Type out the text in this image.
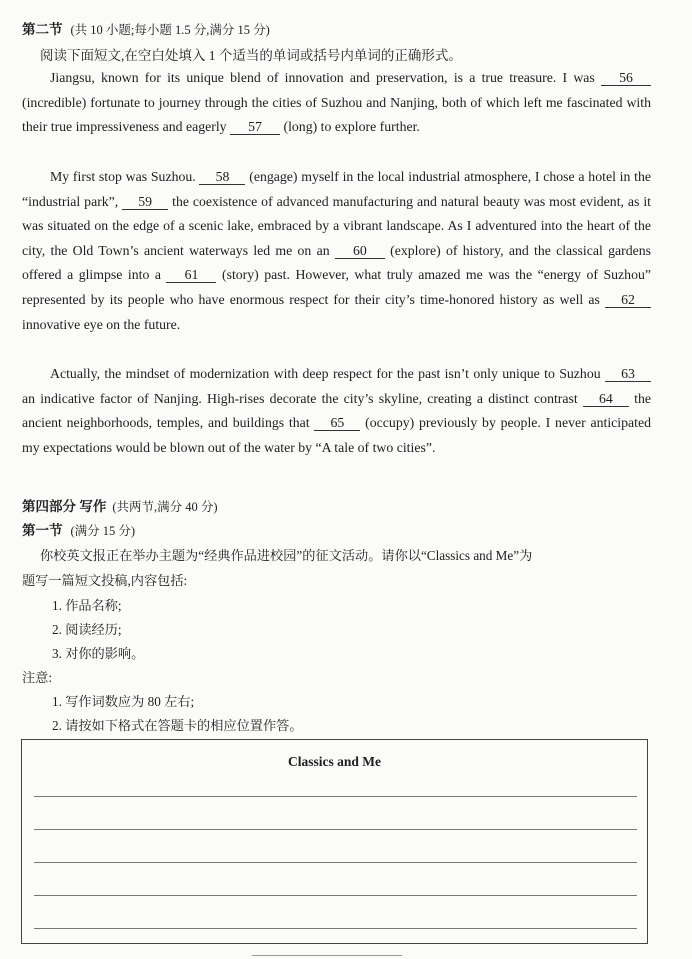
第二节 (共 10 小题;每小题 1.5 分,满分 15 分)
阅读下面短文,在空白处填入 1 个适当的单词或括号内单词的正确形式。

Jiangsu, known for its unique blend of innovation and preservation, is a true treasure. I was 56 (incredible) fortunate to journey through the cities of Suzhou and Nanjing, both of which left me fascinated with their true impressiveness and eagerly 57 (long) to explore further.

My first stop was Suzhou. 58 (engage) myself in the local industrial atmosphere, I chose a hotel in the “industrial park”, 59 the coexistence of advanced manufacturing and natural beauty was most evident, as it was situated on the edge of a scenic lake, embraced by a vibrant landscape. As I adventured into the heart of the city, the Old Town’s ancient waterways led me on an 60 (explore) of history, and the classical gardens offered a glimpse into a 61 (story) past. However, what truly amazed me was the “energy of Suzhou” represented by its people who have enormous respect for their city’s time-honored history as well as 62 innovative eye on the future.

Actually, the mindset of modernization with deep respect for the past isn’t only unique to Suzhou 63 an indicative factor of Nanjing. High-rises decorate the city’s skyline, creating a distinct contrast 64 the ancient neighborhoods, temples, and buildings that 65 (occupy) previously by people. I never anticipated my expectations would be blown out of the water by “A tale of two cities”.

第四部分 写作 (共两节,满分 40 分)
第一节 (满分 15 分)
你校英文报正在举办主题为“经典作品进校园”的征文活动。请你以“Classics and Me”为
题写一篇短文投稿,内容包括:
1. 作品名称;
2. 阅读经历;
3. 对你的影响。
注意:
1. 写作词数应为 80 左右;
2. 请按如下格式在答题卡的相应位置作答。
Classics and Me
